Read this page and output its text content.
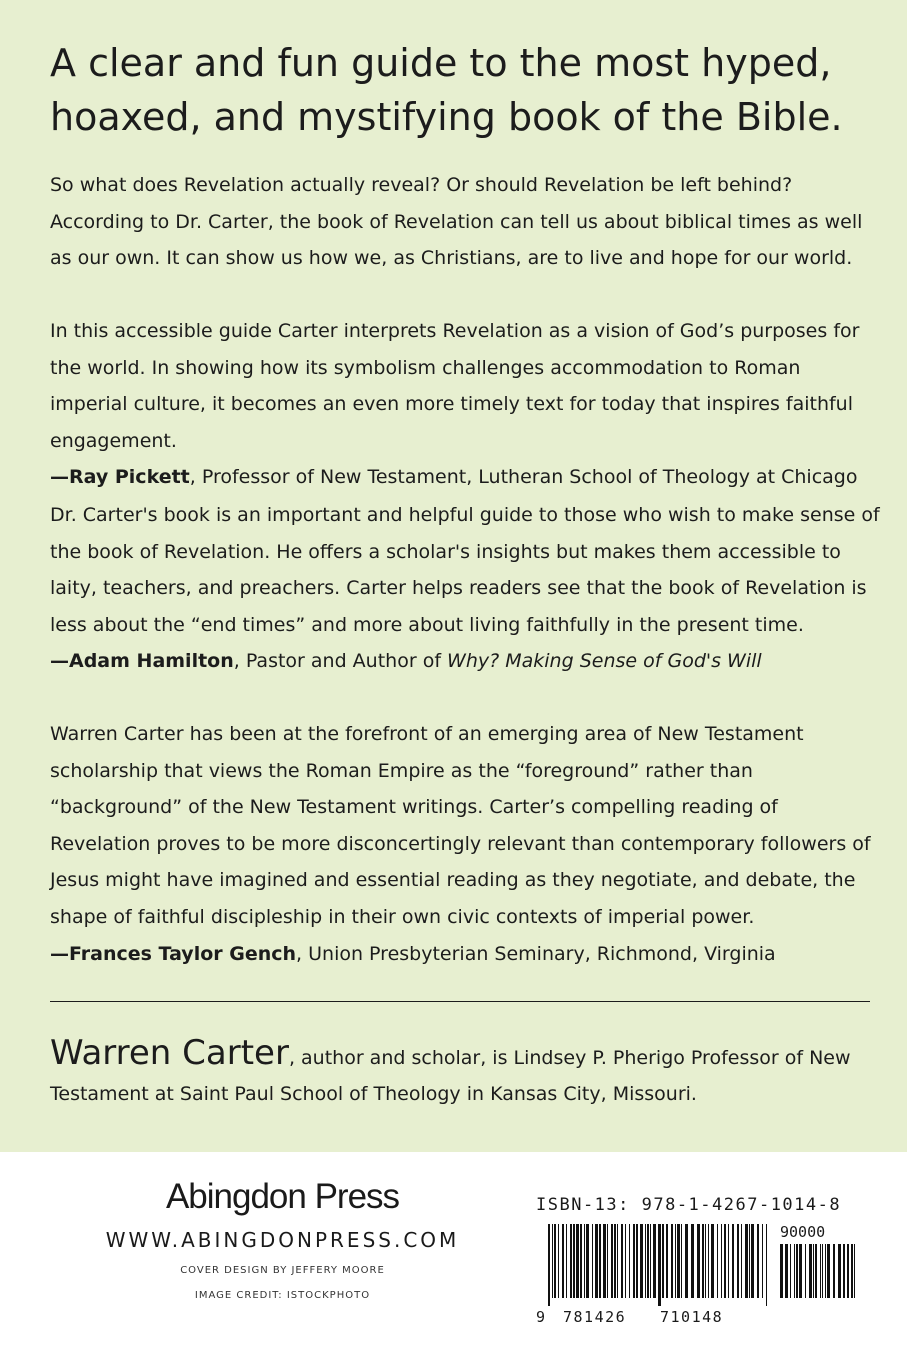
A clear and fun guide to the most hyped, hoaxed, and mystifying book of the Bible.

So what does Revelation actually reveal? Or should Revelation be left behind? According to Dr. Carter, the book of Revelation can tell us about biblical times as well as our own. It can show us how we, as Christians, are to live and hope for our world.

In this accessible guide Carter interprets Revelation as a vision of God’s purposes for the world. In showing how its symbolism challenges accommodation to Roman imperial culture, it becomes an even more timely text for today that inspires faithful engagement.
—Ray Pickett, Professor of New Testament, Lutheran School of Theology at Chicago

Dr. Carter's book is an important and helpful guide to those who wish to make sense of the book of Revelation. He offers a scholar's insights but makes them accessible to laity, teachers, and preachers. Carter helps readers see that the book of Revelation is less about the “end times” and more about living faithfully in the present time.
—Adam Hamilton, Pastor and Author of Why? Making Sense of God's Will

Warren Carter has been at the forefront of an emerging area of New Testament scholarship that views the Roman Empire as the “foreground” rather than “background” of the New Testament writings. Carter’s compelling reading of Revelation proves to be more disconcertingly relevant than contemporary followers of Jesus might have imagined and essential reading as they negotiate, and debate, the shape of faithful discipleship in their own civic contexts of imperial power.
—Frances Taylor Gench, Union Presbyterian Seminary, Richmond, Virginia

Warren Carter, author and scholar, is Lindsey P. Pherigo Professor of New Testament at Saint Paul School of Theology in Kansas City, Missouri.

Abingdon Press
WWW.ABINGDONPRESS.COM
COVER DESIGN BY JEFFERY MOORE
IMAGE CREDIT: ISTOCKPHOTO
ISBN-13: 978-1-4267-1014-8
90000
9 781426 710148
